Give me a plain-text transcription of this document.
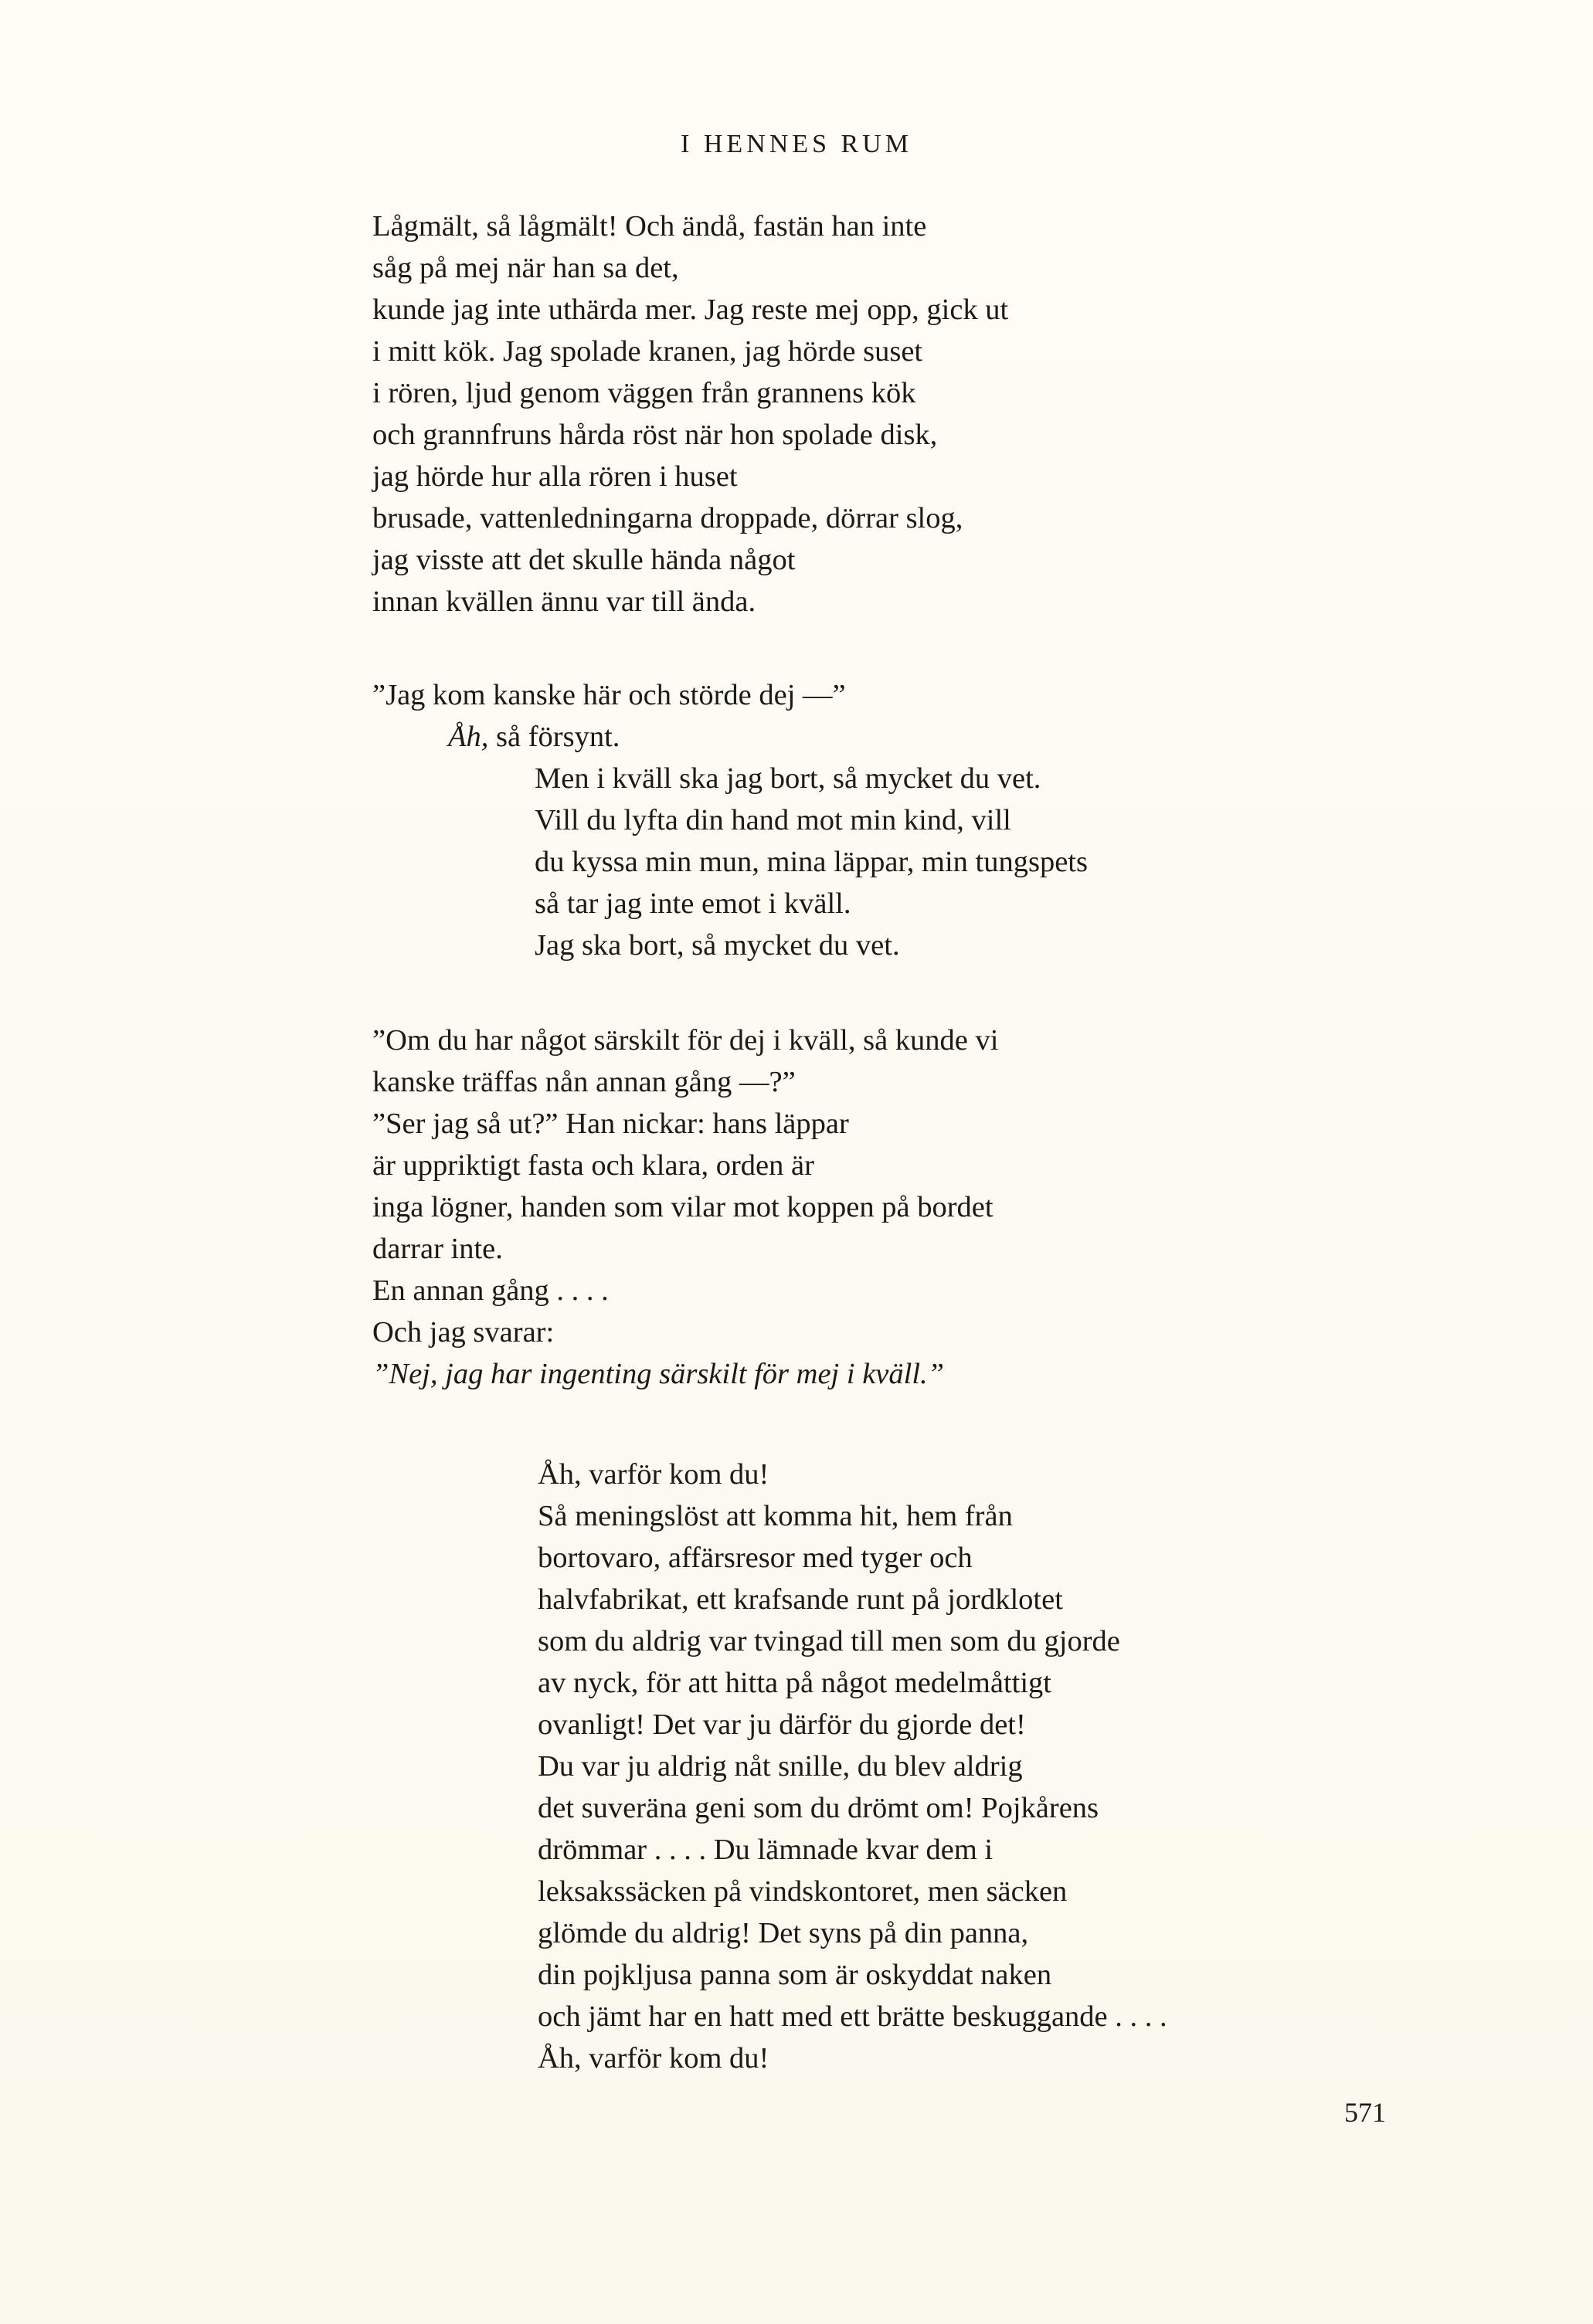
I HENNES RUM
Lågmält, så lågmält! Och ändå, fastän han inte
såg på mej när han sa det,
kunde jag inte uthärda mer. Jag reste mej opp, gick ut
i mitt kök. Jag spolade kranen, jag hörde suset
i rören, ljud genom väggen från grannens kök
och grannfruns hårda röst när hon spolade disk,
jag hörde hur alla rören i huset
brusade, vattenledningarna droppade, dörrar slog,
jag visste att det skulle hända något
innan kvällen ännu var till ända.
”Jag kom kanske här och störde dej —”
Åh, så försynt.
Men i kväll ska jag bort, så mycket du vet.
Vill du lyfta din hand mot min kind, vill
du kyssa min mun, mina läppar, min tungspets
så tar jag inte emot i kväll.
Jag ska bort, så mycket du vet.
”Om du har något särskilt för dej i kväll, så kunde vi
kanske träffas nån annan gång —?”
”Ser jag så ut?” Han nickar: hans läppar
är uppriktigt fasta och klara, orden är
inga lögner, handen som vilar mot koppen på bordet
darrar inte.
En annan gång . . . .
Och jag svarar:
”Nej, jag har ingenting särskilt för mej i kväll.”
Åh, varför kom du!
Så meningslöst att komma hit, hem från
bortovaro, affärsresor med tyger och
halvfabrikat, ett krafsande runt på jordklotet
som du aldrig var tvingad till men som du gjorde
av nyck, för att hitta på något medelmåttigt
ovanligt! Det var ju därför du gjorde det!
Du var ju aldrig nåt snille, du blev aldrig
det suveräna geni som du drömt om! Pojkårens
drömmar . . . . Du lämnade kvar dem i
leksakssäcken på vindskontoret, men säcken
glömde du aldrig! Det syns på din panna,
din pojkljusa panna som är oskyddat naken
och jämt har en hatt med ett brätte beskuggande . . . .
Åh, varför kom du!
571
